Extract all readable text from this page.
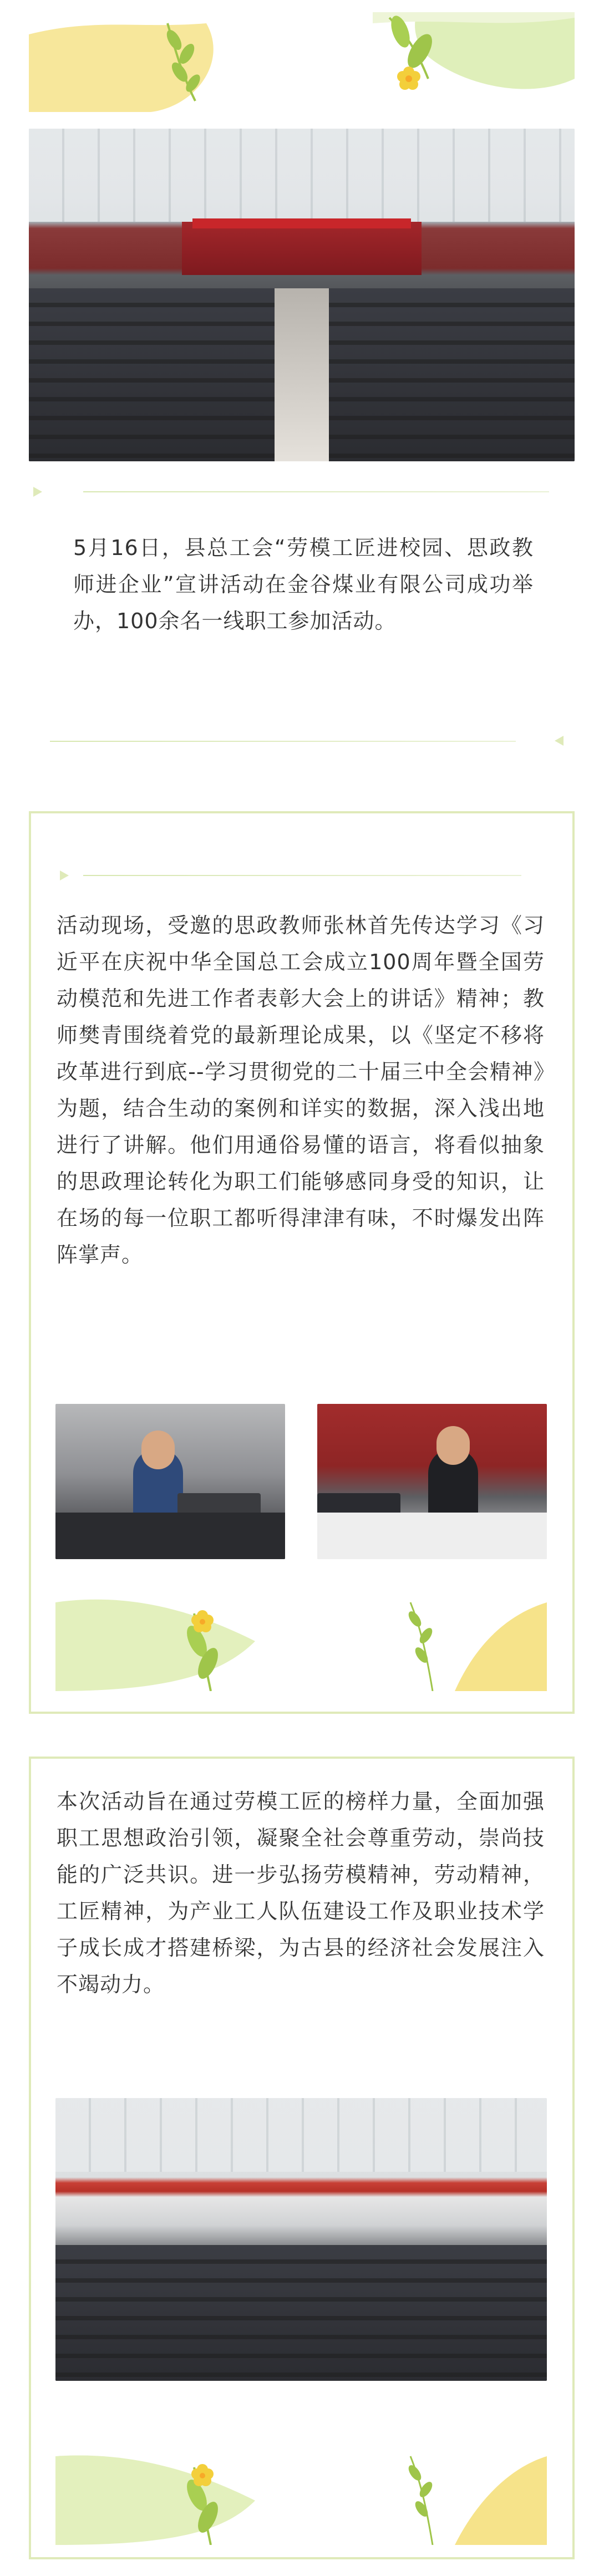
5月16日，县总工会“劳模工匠进校园、思政教师进企业”宣讲活动在金谷煤业有限公司成功举办，100余名一线职工参加活动。
活动现场，受邀的思政教师张林首先传达学习《习近平在庆祝中华全国总工会成立100周年暨全国劳动模范和先进工作者表彰大会上的讲话》精神；教师樊青围绕着党的最新理论成果，以《坚定不移将改革进行到底--学习贯彻党的二十届三中全会精神》为题，结合生动的案例和详实的数据，深入浅出地进行了讲解。他们用通俗易懂的语言，将看似抽象的思政理论转化为职工们能够感同身受的知识，让在场的每一位职工都听得津津有味，不时爆发出阵阵掌声。
本次活动旨在通过劳模工匠的榜样力量，全面加强职工思想政治引领，凝聚全社会尊重劳动，崇尚技能的广泛共识。进一步弘扬劳模精神，劳动精神，工匠精神，为产业工人队伍建设工作及职业技术学子成长成才搭建桥梁，为古县的经济社会发展注入不竭动力。
